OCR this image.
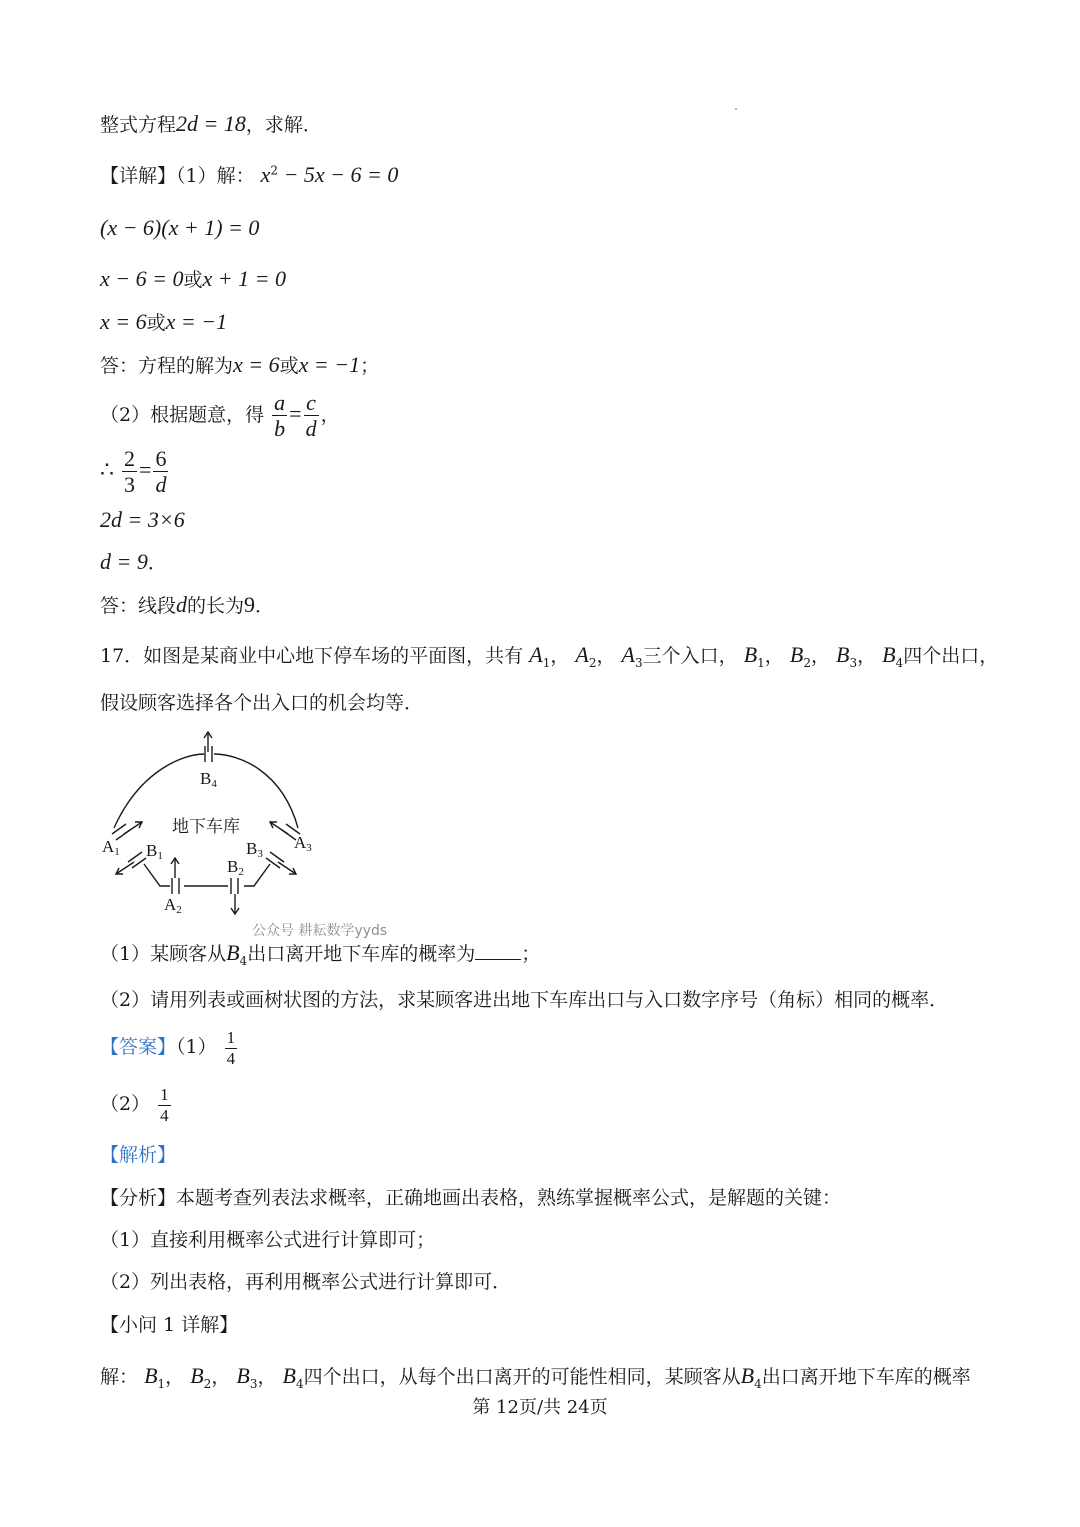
整式方程2d = 18，求解．
【详解】（1）解： $x^2 - 5x - 6 = 0$
(x − 6)(x + 1) = 0
x − 6 = 0或x + 1 = 0
x = 6或x = −1
答：方程的解为x = 6或x = −1；
（2）根据题意，得 $\frac{a}{b} = \frac{c}{d}$ ，
∴ $\frac{2}{3} = \frac{6}{d}$
2d = 3×6
d = 9．
答：线段d的长为9．
17．如图是某商业中心地下停车场的平面图，共有 $A_1$， $A_2$， $A_3$三个入口， $B_1$， $B_2$， $B_3$， $B_4$四个出口，
假设顾客选择各个出入口的机会均等．
地下车库
B4
A1 B1	B3
A3
B2
A2
公众号 耕耘数学yyds
（1）某顾客从$B_4$出口离开地下车库的概率为 ；
（2）请用列表或画树状图的方法，求某顾客进出地下车库出口与入口数字序号（角标）相同的概率．
【答案】$(1) \frac{1}{4}$
$(2) \frac{1}{4}$
【解析】
【分析】本题考查列表法求概率，正确地画出表格，熟练掌握概率公式，是解题的关键：
（1）直接利用概率公式进行计算即可；
（2）列出表格，再利用概率公式进行计算即可．
【小问 1 详解】
解： $B_1$， $B_2$， $B_3$， $B_4$四个出口，从每个出口离开的可能性相同，某顾客从$B_4$出口离开地下车库的概率
第 12页/共 24页
